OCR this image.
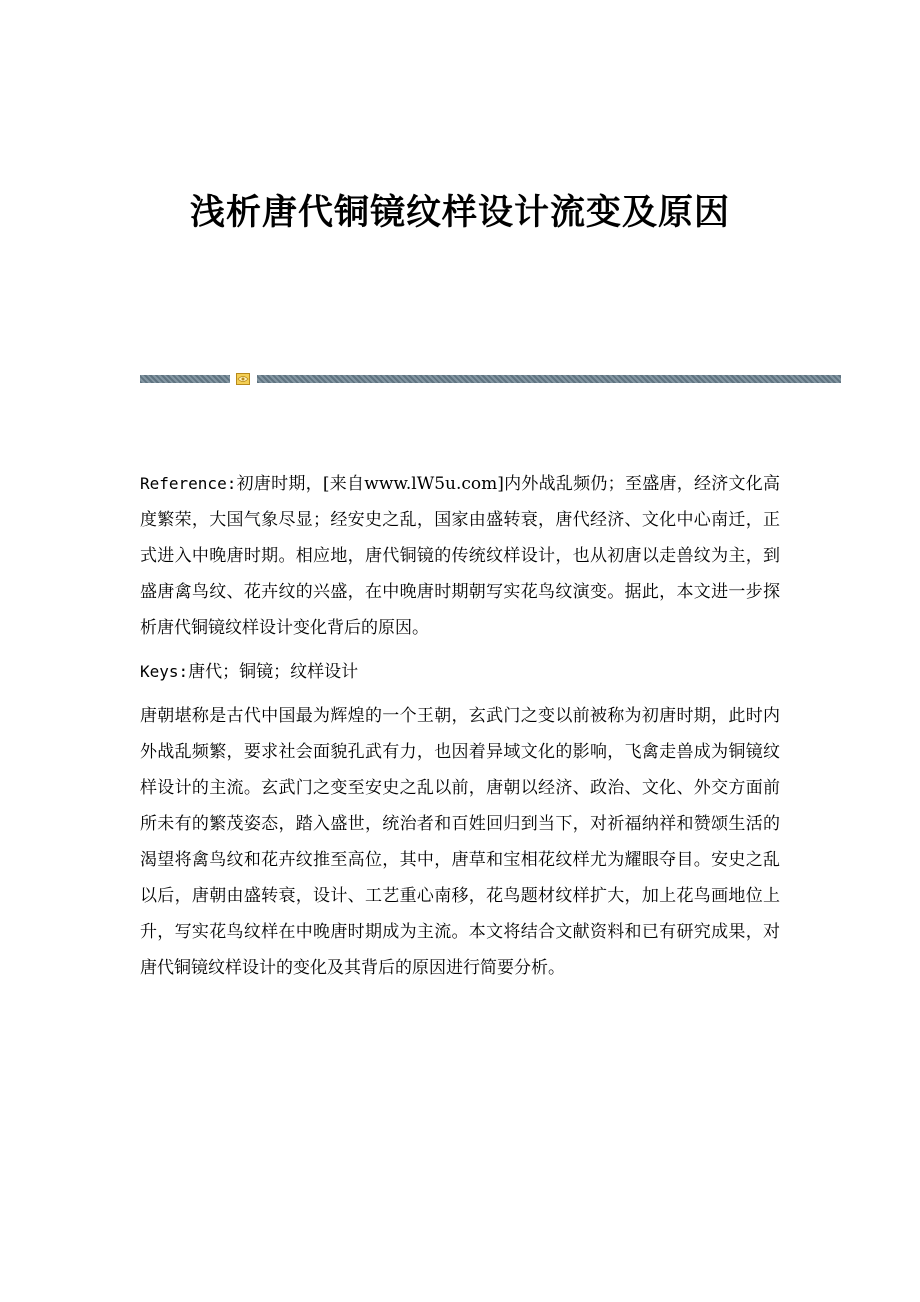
浅析唐代铜镜纹样设计流变及原因

Reference:初唐时期，[来自www.lW5u.com]内外战乱频仍；至盛唐，经济文化高度繁荣，大国气象尽显；经安史之乱，国家由盛转衰，唐代经济、文化中心南迁，正式进入中晚唐时期。相应地，唐代铜镜的传统纹样设计，也从初唐以走兽纹为主，到盛唐禽鸟纹、花卉纹的兴盛，在中晚唐时期朝写实花鸟纹演变。据此，本文进一步探析唐代铜镜纹样设计变化背后的原因。

Keys:唐代；铜镜；纹样设计

唐朝堪称是古代中国最为辉煌的一个王朝，玄武门之变以前被称为初唐时期，此时内外战乱频繁，要求社会面貌孔武有力，也因着异域文化的影响，飞禽走兽成为铜镜纹样设计的主流。玄武门之变至安史之乱以前，唐朝以经济、政治、文化、外交方面前所未有的繁茂姿态，踏入盛世，统治者和百姓回归到当下，对祈福纳祥和赞颂生活的渴望将禽鸟纹和花卉纹推至高位，其中，唐草和宝相花纹样尤为耀眼夺目。安史之乱以后，唐朝由盛转衰，设计、工艺重心南移，花鸟题材纹样扩大，加上花鸟画地位上升，写实花鸟纹样在中晚唐时期成为主流。本文将结合文献资料和已有研究成果，对唐代铜镜纹样设计的变化及其背后的原因进行简要分析。
